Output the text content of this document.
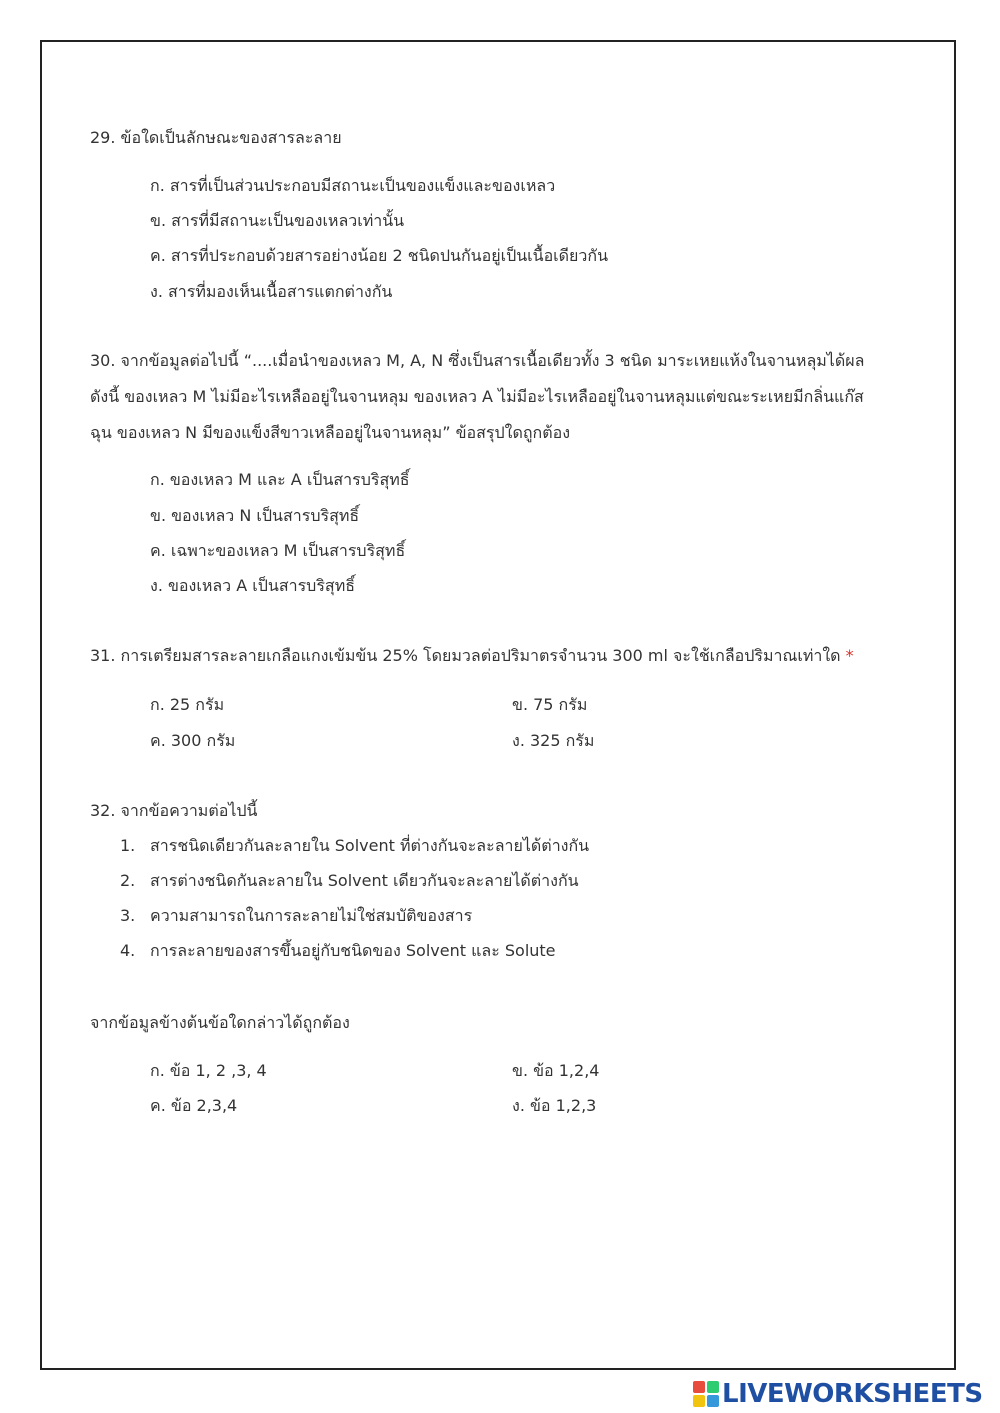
29. ข้อใดเป็นลักษณะของสารละลาย
ก. สารที่เป็นส่วนประกอบมีสถานะเป็นของแข็งและของเหลว
ข. สารที่มีสถานะเป็นของเหลวเท่านั้น
ค. สารที่ประกอบด้วยสารอย่างน้อย 2 ชนิดปนกันอยู่เป็นเนื้อเดียวกัน
ง. สารที่มองเห็นเนื้อสารแตกต่างกัน
30. จากข้อมูลต่อไปนี้ “....เมื่อนำของเหลว M, A, N ซึ่งเป็นสารเนื้อเดียวทั้ง 3 ชนิด มาระเหยแห้งในจานหลุมได้ผล
ดังนี้ ของเหลว M ไม่มีอะไรเหลืออยู่ในจานหลุม ของเหลว A ไม่มีอะไรเหลืออยู่ในจานหลุมแต่ขณะระเหยมีกลิ่นแก๊ส
ฉุน ของเหลว N มีของแข็งสีขาวเหลืออยู่ในจานหลุม” ข้อสรุปใดถูกต้อง
ก. ของเหลว M และ A เป็นสารบริสุทธิ์
ข. ของเหลว N เป็นสารบริสุทธิ์
ค. เฉพาะของเหลว M เป็นสารบริสุทธิ์
ง. ของเหลว A เป็นสารบริสุทธิ์
31. การเตรียมสารละลายเกลือแกงเข้มข้น 25% โดยมวลต่อปริมาตรจำนวน 300 ml จะใช้เกลือปริมาณเท่าใด *
ก. 25 กรัม	ข. 75 กรัม
ค. 300 กรัม	ง. 325 กรัม
32. จากข้อความต่อไปนี้
1. สารชนิดเดียวกันละลายใน Solvent ที่ต่างกันจะละลายได้ต่างกัน
2. สารต่างชนิดกันละลายใน Solvent เดียวกันจะละลายได้ต่างกัน
3. ความสามารถในการละลายไม่ใช่สมบัติของสาร
4. การละลายของสารขึ้นอยู่กับชนิดของ Solvent และ Solute
จากข้อมูลข้างต้นข้อใดกล่าวได้ถูกต้อง
ก. ข้อ 1, 2 ,3, 4	ข. ข้อ 1,2,4
ค. ข้อ 2,3,4	ง. ข้อ 1,2,3
LIVEWORKSHEETS
